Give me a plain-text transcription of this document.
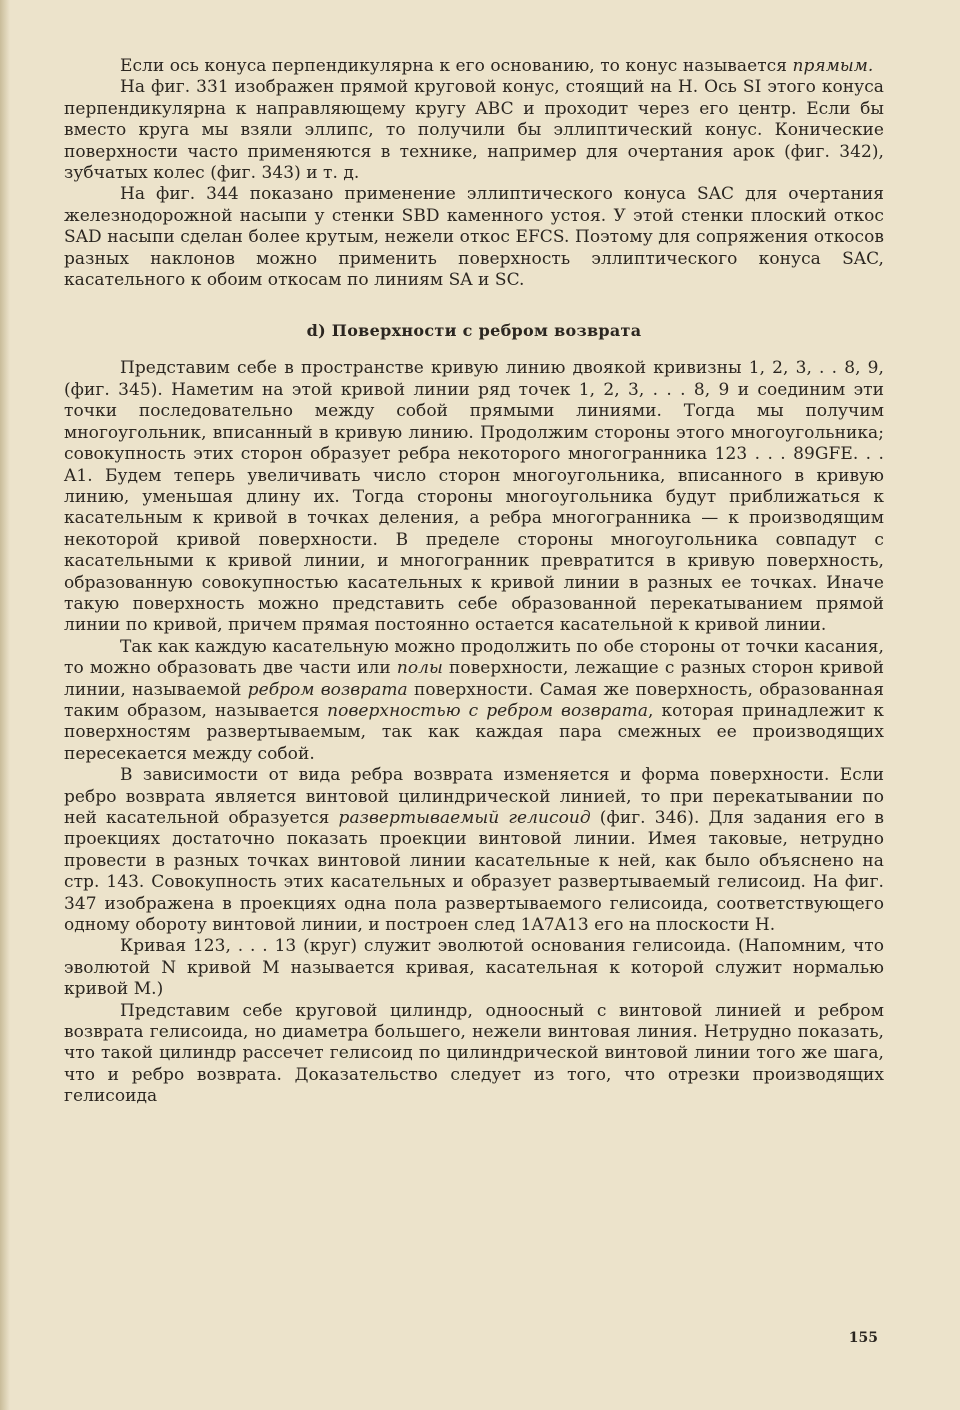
Если ось конуса перпендикулярна к его основанию, то конус называется прямым.

На фиг. 331 изображен прямой круговой конус, стоящий на H. Ось SI этого конуса перпендикулярна к направляющему кругу ABC и проходит через его центр. Если бы вместо круга мы взяли эллипс, то получили бы эллиптический конус. Конические поверхности часто применяются в технике, например для очертания арок (фиг. 342), зубчатых колес (фиг. 343) и т. д.

На фиг. 344 показано применение эллиптического конуса SAC для очертания железнодорожной насыпи у стенки SBD каменного устоя. У этой стенки плоский откос SAD насыпи сделан более крутым, нежели откос EFCS. Поэтому для сопряжения откосов разных наклонов можно применить поверхность эллиптического конуса SAC, касательного к обоим откосам по линиям SA и SC.

d) Поверхности с ребром возврата

Представим себе в пространстве кривую линию двоякой кривизны 1, 2, 3, . . 8, 9, (фиг. 345). Наметим на этой кривой линии ряд точек 1, 2, 3, . . . 8, 9 и соединим эти точки последовательно между собой прямыми линиями. Тогда мы получим многоугольник, вписанный в кривую линию. Продолжим стороны этого многоугольника; совокупность этих сторон образует ребра некоторого многогранника 123 . . . 89GFE. . . A1. Будем теперь увеличивать число сторон многоугольника, вписанного в кривую линию, уменьшая длину их. Тогда стороны многоугольника будут приближаться к касательным к кривой в точках деления, а ребра многогранника — к производящим некоторой кривой поверхности. В пределе стороны многоугольника совпадут с касательными к кривой линии, и многогранник превратится в кривую поверхность, образованную совокупностью касательных к кривой линии в разных ее точках. Иначе такую поверхность можно представить себе образованной перекатыванием прямой линии по кривой, причем прямая постоянно остается касательной к кривой линии.

Так как каждую касательную можно продолжить по обе стороны от точки касания, то можно образовать две части или полы поверхности, лежащие с разных сторон кривой линии, называемой ребром возврата поверхности. Самая же поверхность, образованная таким образом, называется поверхностью с ребром возврата, которая принадлежит к поверхностям развертываемым, так как каждая пара смежных ее производящих пересекается между собой.

В зависимости от вида ребра возврата изменяется и форма поверхности. Если ребро возврата является винтовой цилиндрической линией, то при перекатывании по ней касательной образуется развертываемый гелисоид (фиг. 346). Для задания его в проекциях достаточно показать проекции винтовой линии. Имея таковые, нетрудно провести в разных точках винтовой линии касательные к ней, как было объяснено на стр. 143. Совокупность этих касательных и образует развертываемый гелисоид. На фиг. 347 изображена в проекциях одна пола развертываемого гелисоида, соответствующего одному обороту винтовой линии, и построен след 1A7A13 его на плоскости H.

Кривая 123, . . . 13 (круг) служит эволютой основания гелисоида. (Напомним, что эволютой N кривой M называется кривая, касательная к которой служит нормалью кривой M.)

Представим себе круговой цилиндр, одноосный с винтовой линией и ребром возврата гелисоида, но диаметра большего, нежели винтовая линия. Нетрудно показать, что такой цилиндр рассечет гелисоид по цилиндрической винтовой линии того же шага, что и ребро возврата. Доказательство следует из того, что отрезки производящих гелисоида

155
